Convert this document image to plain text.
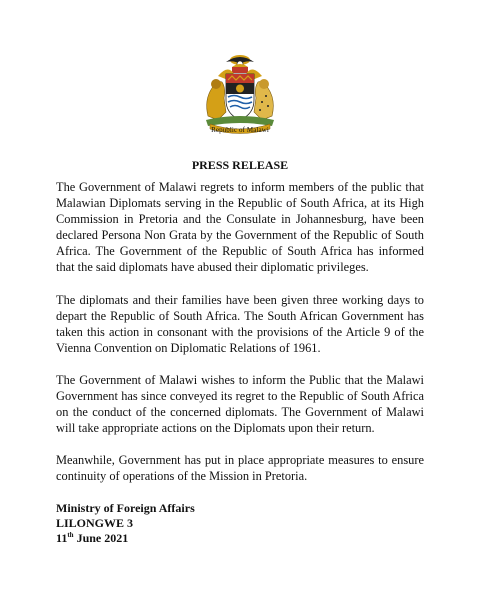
Republic of Malawi
PRESS RELEASE
The Government of Malawi regrets to inform members of the public that Malawian Diplomats serving in the Republic of South Africa, at its High Commission in Pretoria and the Consulate in Johannesburg, have been declared Persona Non Grata by the Government of the Republic of South Africa. The Government of the Republic of South Africa has informed that the said diplomats have abused their diplomatic privileges.
The diplomats and their families have been given three working days to depart the Republic of South Africa. The South African Government has taken this action in consonant with the provisions of the Article 9 of the Vienna Convention on Diplomatic Relations of 1961.
The Government of Malawi wishes to inform the Public that the Malawi Government has since conveyed its regret to the Republic of South Africa on the conduct of the concerned diplomats. The Government of Malawi will take appropriate actions on the Diplomats upon their return.
Meanwhile, Government has put in place appropriate measures to ensure continuity of operations of the Mission in Pretoria.
Ministry of Foreign Affairs
LILONGWE 3
11th June 2021
